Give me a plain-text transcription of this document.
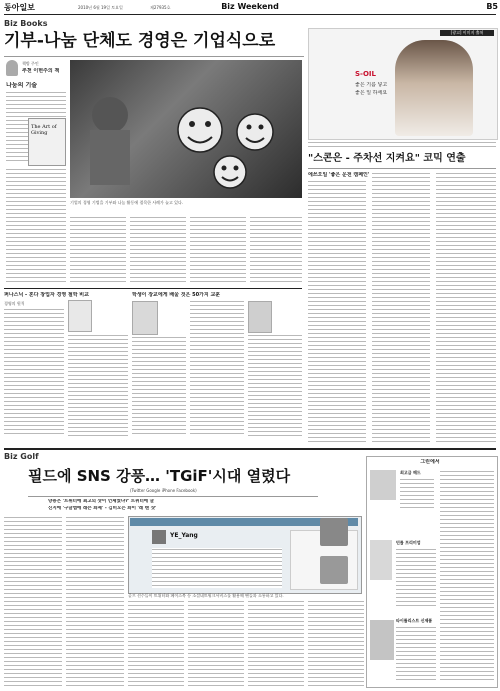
동아일보	2010년 6월 19일 토요일	제27935호	Biz Weekend	B5
Biz Books
기부-나눔 단체도 경영은 기업식으로
책방 주인
추천 이현주의 책
나눔의 기술
The Art of Giving
기업의 경영 기법을 기부와 나눔 활동에 접목한 사례가 늘고 있다.
[광고] 이미지 출처
S-OIL
좋은 기름 넣고
좋은 일 하세요
"스콘은 - 주차선 지켜요" 코믹 연출
에쓰오일 '좋은 운전 캠페인'
퍼나스닉 - 혼다 창업자 경영 철학 비교	학생이 장교에게 배울 것은 50가지 교훈
경영의 원칙
Biz Golf
필드에 SNS 강풍… 'TGiF'시대 열렸다
(Twitter Google iPhone Facebook)
양용은 '트위터에 최고의 샷이 언제였냐?' 트위터에 글
신지애 '구글맵에 레슨 화제' - 김비오는 화이 '레 랜 샷'
YE_Yang
골프 선수들이 트위터와 페이스북 등 소셜네트워크서비스를 활용해 팬들과 소통하고 있다.
그린에서
최고급 헤드
던롭 프리미엄
타이틀리스트 신제품
